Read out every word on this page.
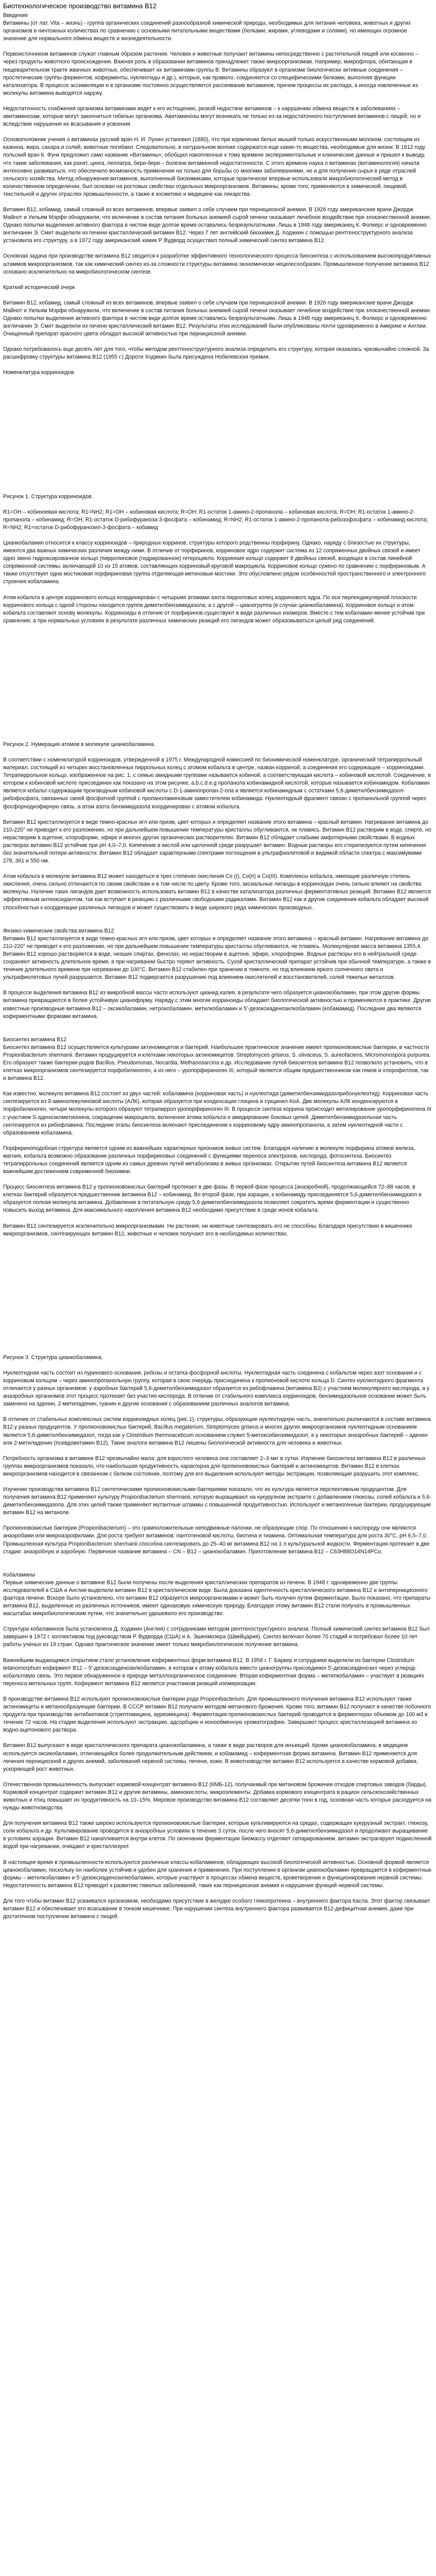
Биотехнологическое производство витамина B12

Введение

Витамины (от лат. Vita – жизнь) - группа органических соединений разнообразной химической природы, необходимых для питания человека, животных и других организмов в ничтожных количествах по сравнению с основными питательными веществами (белками, жирами, углеводами и солями), но имеющих огромное значение для нормального обмена веществ и жизнедеятельности.

Первоисточником витаминов служат главным образом растения. Человек и животные получают витамины непосредственно с растительной пищей или косвенно – через продукты животного происхождения. Важная роль в образовании витаминов принадлежит также микроорганизмам. Например, микрофлора, обитающая в пищеварительном тракте жвачных животных, обеспечивает их витаминами группы B. Витамины образуют в организме биологически активные соединения – простетические группы ферментов, коферменты, нуклеотиды и др.), которые, как правило, соединяются со специфическими белками, выполняя функции катализатора. В процессе ассимиляции и в организме постоянно осуществляется рассеивание витаминов, причем процессы их распада, а иногда извлеченные из молекулы витамина выводятся наружу.

Недостаточность снабжения организма витаминами ведет к его истощению, резкой недостаче витаминов – к нарушению обмена веществ в заболеваниях – авитаминозам, которые могут закончиться гибелью организма. Авитаминозы могут возникать не только из-за недостаточного поступления витаминов с пищей, но и вследствие нарушения их всасывания и усвоения.

Основоположник учения о витаминах русский врач Н. И. Лунин установил (1880), что при кормлении белых мышей только искусственными молоком, состоящим из казеина, жира, сахара и солей, животные погибают. Следовательно, в натуральном молоке содержатся еще какие-то вещества, необходимые для жизни. В 1912 году польский врач К. Функ предложил само название «Витамины», обобщил накопленные к тому времени экспериментальные и клинические данные и пришел к выводу, что такие заболевания, как рахит, цинга, пеллагра, бери-бери – болезни витаминной недостаточности. С этого времени наука о витаминах (витаминология) начала интенсивно развиваться, что обеспечило возможность применения на только для борьбы со многими заболеваниями, но и для получения сырья в ряде отраслей сельского хозяйства. Метод обнаружения витаминов, выполненный биохимиками, которые практически впервые использовали микробиологический метод в количественном определении, был основан на ростовых свойствах отдельных микроорганизмов. Витамины, кроме того, применяются в химической, пищевой, текстильной и других отраслях промышленности, а также в косметике и медицине как лекарства.

Витамин B12, кобамид, самый сложный из всех витаминов, впервые заявил о себе случаем при пернициозной анемии. В 1926 году американские врачи Джордж Майнот и Уильям Мэрфи обнаружили, что включение в состав питания больных анемией сырой печени оказывает лечебное воздействие при злокачественной анемии. Однако попытки выделения активного фактора в чистом виде долгое время оставались безрезультатными. Лишь в 1948 году американец К. Фолкерс и одновременно англичанин Э. Смит выделили из печени кристаллический витамин B12. Через 7 лет английский биохимик Д. Ходжкин с помощью рентгеноструктурного анализа установила его структуру, а в 1972 году американский химик Р. Вудворд осуществил полный химический синтез витамина B12.

Основная задача при производстве витамина B12 сводится к разработке эффективного технологического процесса биосинтеза с использованием высокопродуктивных штаммов микроорганизмов, так как химический синтез из-за сложности структуры витамина экономически нецелесообразен. Промышленное получение витамина B12 основано исключительно на микробиологическом синтезе.

Краткий исторический очерк

Витамин B12, кобамид, самый сложный из всех витаминов, впервые заявил о себе случаем при пернициозной анемии. В 1926 году американские врачи Джордж Майнот и Уильям Мэрфи обнаружили, что включение в состав питания больных анемией сырой печени оказывает лечебное воздействие при злокачественной анемии. Однако попытки выделения активного фактора в чистом виде долгое время оставались безрезультатными. Лишь в 1948 году американец К. Фолкерс и одновременно англичанин Э. Смит выделили из печени кристаллический витамин B12. Результаты этих исследований были опубликованы почти одновременно в Америке и Англии. Очищенный препарат красного цвета обладал высокой активностью при пернициозной анемии.

Однако потребовалось еще десять лет для того, чтобы методом рентгеноструктурного анализа определить его структуру, которая оказалась чрезвычайно сложной. За расшифровку структуры витамина B12 (1955 г.) Дороти Ходжкин была присуждена Нобелевская премия.

Номенклатура корриноидов

Рисунок 1. Структура корриноидов.

R1=OH – кобиноевая кислота; R1=NH2; R1=OH – кобиновая кислота; R=OH; R1-остаток 1-амино-2-пропанола – кобиновая кислота; R=OH; R1-остаток 1-амино-2-пропанола – кобинамид; R=OH; R1-остаток D-рибофураноза-3-фосфата – кобинамид; R=NH2; R1-остаток 1-амино-2-пропанола-рибозофосфата – кобинамид кислота; R=NH2; R1=остаток D-рибофуранозил-3-фосфата – кобамид

Цианкобаламин относится к классу корриноидов – природных корринов, структуры которого родственны порфирину. Однако, наряду с близостью их структуры, имеются два важных химических различия между ними. В отличие от порфиринов, корриновое ядро содержит система из 12 сопряженных двойных связей и имеет одно звено гидроксированное кольцо (пирролиновое (гидрированное) гетероцикло. Корриноия кольцо содержит 8 двойных связей, входящих в состав линейной сопряженной системы, включающей 10 из 15 атомов, составляющих корриновый круговой макроцикла. Корриновое кольцо сужено по сравнению с порфириновым. А также отсутствует одна мостиковая порфириновая группа отделяющая метиновые мостики. Это обусловлено рядом особенностей пространственного и электронного строения кобаламина.

Атом кобальта в центре корринового кольца координирован с четырьмя атомами азота пирроловых колец корринового ядра. По оси перпендикулярной плоскости корринового кольца с одной стороны находится группа диметилбензимидазола, а с другой – цианогруппа (в случае цианкобаламина). Корриновое кольцо и атом кобальта составляют основу молекулы. Корриноиды в отличие от порфиринов существуют в виде различных изомеров. Вместе с тем кобаламин менее устойчив при сравнении, а при нормальных условиях в результате различных химических реакций его лигандов может образовываться целый ряд соединений.

Рисунок 2. Нумерация атомов в молекуле цианкобаламина.

В соответствии с номенклатурой корриноидов, утвержденной в 1975 г. Международной комиссией по биохимической номенклатуре, органический тетрапиррольный материал, состоящий из четырех восстановленных пиррольных колец с атомом кобальта в центре, назван корриной, а соединения его содержащие – корриноидами. Тетрапиррольное кольцо, изображенное на рис. 1, с семью амидными группами называется кобиной, а соответствующая кислота – кобиновой кислотой. Соединение, в котором к кобиновой кислоте присоединен как показано на этом рисунке, а.b.c.d.e.g пропанола кобинамидной кислотой, которые называется кобинамидом. Кобаламин является кобальт-содержащим производным кобиновой кислоты с D-1-аминопропан-2-ола и является кобинамидным с остатками 5,6-диметилбензимидазол-рибофосфата, связанных своей фосфатной группой с пропаноламиновым заместителем кобинамида. Нуклеотидный фрагмент связан с пропанольной группой через фосфорнодиэфирную связь, а атом азота бензимидазола координирован с атомом кобальта.

Витамин B12 кристаллизуется в виде темно-красных игл или призм, цвет которых и определяет название этого витамина – красный витамин. Нагревание витамина до 210-220° не приводит к его разложению, но при дальнейшем повышении температуры кристаллы обугливаются, не плавясь. Витамин B12 растворим в воде, спирте, но нерастворим в ацетоне, хлороформе, эфире и многих других органических растворителях. Витамин B12 обладает слабыми амфотерными свойствами. В водных растворах витамин B12 устойчив при pH 4,0–7,0. Кипячение в кислой или щелочной среде разрушает витамин. Водные растворы его стерилизуются путем кипячения без значительной потери активности. Витамин B12 обладает характерными спектрами поглощения в ультрафиолетовой и видимой области спектра с максимумами 278, 361 и 550 нм.

Атом кобальта в молекуле витамина В12 может находиться в трех степенях окисления Co (I), Co(II) и Co(III). Комплексы кобальта, имеющие различную степень окисления, очень сильно отличаются по своим свойствам и в том числе по цвету. Кроме того, аксиальные лиганды в корриноидах очень сильно влияют на свойства молекулы. Наличие таких лигандов дает возможность использовать витамин B12 в качестве катализатора различных ферментативных реакций. Витамин B12 является эффективным антиоксидантом, так как вступает в реакцию с различными свободными радикалами. Витамин B12 как и другие соединения кобальта обладает высокой способностью к координации различных лигандов и может существовать в виде широкого ряда химических производных.

Физико-химические свойства витамина B12

Витамин B12 кристаллизуется в виде темно-красных игл или призм, цвет которых и определяет название этого витамина – красный витамин. Нагревание витамина до 210-220° не приводит к его разложению, но при дальнейшем повышении температуры кристаллы обугливаются, не плавясь. Молекулярная масса витамина 1355,4. Витамин B12 хорошо растворяется в воде, низших спиртах, фенолах, но нерастворим в ацетоне, эфире, хлороформе. Водные растворы его в нейтральной среде сохраняют активность длительное время, а при нагревании быстро теряют активность. Сухой кристаллический препарат устойчив при обычной температуре, а также в течение длительного времени при нагревании до 100°С. Витамин B12 стабилен при хранении в темноте, но под влиянием яркого солнечного света и ультрафиолетовых лучей разрушается. Витамин B12 подвергается разрушению под влиянием окислителей и восстановителей, солей тяжелых металлов.

В процессе выделения витамина B12 из микробной массы часто используют цианид калия, в результате чего образуется цианокобаламин, при этом другие формы витамина превращаются в более устойчивую цианоформу. Наряду с этим многие корриноиды обладают биологической активностью и применяются в практике. Другие известные производные витамина B12 – оксикобаламин, нитрокобаламин, метилкобаламин и 5'-дезоксиаденозилкобаламин (кобамамид). Последние два являются коферментными формами витамина.

Биосинтез витамина B12

Биосинтез витамина B12 осуществляется культурами актиномицетов и бактерий. Наибольшее практическое значение имеют пропионовокислые бактерии, в частности Propionibacterium shermanii. Витамин продуцируется и клетками некоторых актиномицетов: Streptomyces griseus, S. olivaceus, S. aureofaciens, Micromonospora purpurea. Его образуют также бактерии родов Bacillus, Pseudomonas, Nocardia, Methanosarcina и др. Исследование путей биосинтеза витамина B12 позволило установить, что в клетках микроорганизмов синтезируется порфобилиноген, а из него – уропорфириноген III, который является общим предшественником как гемов и хлорофиллов, так и витамина B12.

Как известно, молекула витамина B12 состоит из двух частей: кобаламина (корриновая часть) и нуклеотида (диметилбензимидазолрибонуклеотид). Корриновая часть синтезируется из δ-аминолевулиновой кислоты (АЛК), которая образуется при конденсации глицина и сукцинил-КоА. Две молекулы АЛК конденсируются в порфобилиноген, четыре молекулы которого образуют тетрапиррол уропорфириноген III. В процессе синтеза коррина происходит метилирование уропорфириногена III с участием S-аденозилметионина, сокращение макроцикла, включение атома кобальта и амидирование боковых цепей. Диметилбензимидазольная часть синтезируется из рибофлавина. Последние этапы биосинтеза включают присоединение к корриновому ядру аминопропанола, а затем нуклеотидной части с образованием кобаламина.

Порфириноподобная структура является одним из важнейших характерных признаков живых систем. Благодаря наличию в молекуле порфирина атомов железа, магния, кобальта возможно образование различных порфириновых соединений с функциями переноса электронов, кислорода, фотосинтеза. Биосинтез тетрапиррольных соединений является одним из самых древних путей метаболизма в живых организмах. Открытие путей биосинтеза витамина B12 является важнейшим достижением современной биохимии.

Процесс биосинтеза витамина B12 у пропионовокислых бактерий протекает в две фазы. В первой фазе процесса (анаэробной), продолжающейся 72–88 часов, в клетках бактерий образуется предшественник витамина B12 – кобинамид. Во второй фазе, при аэрации, к кобинамиду присоединяется 5,6-диметилбензимидазол и образуется полная молекула витамина. Добавление в питательную среду 5,6-диметилбензимидазола позволяет сократить время ферментации и существенно повысить выход витамина. Для максимального накопления витамина B12 необходимо присутствие в среде ионов кобальта.

Витамин B12 синтезируется исключительно микроорганизмами. Ни растения, ни животные синтезировать его не способны. Благодаря присутствию в кишечнике микроорганизмов, синтезирующих витамин B12, животные и человек получают его в необходимых количествах.

Рисунок 3. Структура цианкобаламина.

Нуклеотидная часть состоит из пуринового основания, рибозы и остатка фосфорной кислоты. Нуклеотидная часть соединена с кобальтом через азот основания и с корриновым кольцом – через аминопропанольную группу, которая в свою очередь присоединена к пропионовой кислоте кольца D. Синтез нуклеотидного фрагмента отличается у разных организмов: у аэробных бактерий 5,6-диметилбензимидазол образуется из рибофлавина (витамина B2) с участием молекулярного кислорода, а у анаэробных организмов этот процесс протекает без участия кислорода. В отличие от стабильного комплекса корриноидов, бензимидазольное основание может быть заменено на аденин, 2-метиладенин, гуанин и другие основания с образованием различных аналогов витамина.

В отличие от стабильных комплексных систем корриноидных колец (рис.1), структуры, образующие нуклеотидную часть, значительно различаются в составе витамина B12 у разных продуцентов. У пропионовокислых бактерий, Bacillus megaterium, Streptomyces griseus и многих других микроорганизмов нуклеотидным основанием является 5,6-диметилбензимидазол, тогда как у Clostridium thermoaceticum основанием служит 5-метоксибензимидазол, а у некоторых анаэробных бактерий – аденин или 2-метиладенин (псевдовитамин B12). Такие аналоги витамина B12 лишены биологической активности для человека и животных.

Потребность организма в витамине B12 чрезвычайно мала: для взрослого человека она составляет 2–3 мкг в сутки. Изучение биосинтеза витамина B12 в различных группах микроорганизмов показало, что наибольшая продуктивность характерна для пропионовокислых бактерий и актиномицетов. Витамин B12 в клетках микроорганизмов находится в связанном с белком состоянии, поэтому для его выделения используют методы экстракции, позволяющие разрушить этот комплекс.

Изучение производства витамина B12 синтетическими пропионовокислыми бактериями показало, что их культура является перспективным продуцентом. Для получения витамина B12 применяют культуру Propionibacterium shermanii, которую выращивают на кукурузном экстракте с добавлением глюкозы, солей кобальта и 5,6-диметилбензимидазола. Для этих целей также применяют мутантные штаммы с повышенной продуктивностью. Используют и метаногенные бактерии, продуцирующие витамин B12 на метаноле.

Пропионовокислые бактерии (Propionibacterium) – это грамположительные неподвижные палочки, не образующие спор. По отношению к кислороду они являются анаэробами или микроаэрофилами. Для роста требуют витаминов: пантотеновой кислоты, биотина и тиамина. Оптимальная температура для роста 30°С, рН 6,5–7,0. Промышленная культура Propionibacterium shermanii способна синтезировать до 25–40 мг витамина B12 на 1 л культуральной жидкости. Ферментация протекает в две стадии: анаэробную и аэробную. Первичное название витамина – CN – B12 – цианокобаламин. Приготовление витамина B12 – C63H88O14N14PCo.

Кобаламины

Первые химические данные о витамине B12 были получены после выделения кристаллических препаратов из печени. В 1948 г. одновременно две группы исследователей в США и Англии выделили витамин B12 в кристаллическом виде. Была доказана идентичность кристаллического витамина B12 и антипернициозного фактора печени. Вскоре было установлено, что витамин B12 образуется микроорганизмами и может быть получен путем ферментации. Было показано, что препараты витамина B12, выделенные из различных источников, имеют одинаковую химическую природу. Благодаря этому витамин B12 стали получать в промышленных масштабах микробиологическим путем, что значительно удешевило его производство.

Структура кобаламинов была установлена Д. Ходжкин (Англия) с сотрудниками методом рентгеноструктурного анализа. Полный химический синтез витамина B12 был завершен в 1972 г. коллективом под руководством Р. Вудворда (США) и А. Эшенмозера (Швейцария). Синтез включал более 70 стадий и потребовал более 10 лет работы ученых из 19 стран. Однако практическое значение имеет только микробиологическое получение витамина.

Важнейшим выдающимся открытием стало установление коферментных форм витамина B12. В 1958 г. Г. Баркер и сотрудники выделили из бактерии Clostridium tetanomorphum кофермент B12 – 5'-дезоксиаденозилкобаламин, в котором к атому кобальта вместо цианогруппы присоединен 5'-дезоксиаденозил через углерод-кобальтовую связь. Это первое обнаруженное в природе металлоорганическое соединение. Вторая коферментная форма – метилкобаламин – участвует в реакциях переноса метильных групп. Кофермент витамина B12 является участником реакций изомеризации.

В производстве витамина B12 используют пропионовокислые бактерии рода Propionibacterium. Для промышленного получения витамина B12 используют также актиномицеты и метанообразующие бактерии. В СССР витамин B12 получали методом метанового брожения. Кроме того, витамин B12 получают в качестве побочного продукта при производстве антибиотиков (стрептомицина, ауреомицина). Ферментация пропионовокислых бактерий проводится в ферментерах объемом до 100 м3 в течение 72 часов. На стадии выделения используют экстракцию, адсорбцию и ионообменную хроматографию. Завершают процесс кристаллизацией витамина из водно-ацетонового раствора.

Витамин B12 выпускают в виде кристаллического препарата цианокобаламина, а также в виде растворов для инъекций. Кроме цианокобаламина, в медицине используется оксикобаламин, отличающийся более продолжительным действием, и кобамамид – коферментная форма витамина. Витамин B12 применяется для лечения пернициозной и других анемий, заболеваний нервной системы, печени, кожи. В животноводстве витамин B12 используется в качестве кормовой добавки, ускоряющей рост животных.

Отечественная промышленность выпускает кормовой концентрат витамина B12 (КМБ-12), получаемый при метановом брожении отходов спиртовых заводов (барды). Кормовой концентрат содержит витамин B12 и другие витамины, аминокислоты, микроэлементы. Добавка кормового концентрата в рацион сельскохозяйственных животных и птиц повышает их продуктивность на 10–15%. Мировое производство витамина B12 составляет десятки тонн в год, основная часть которых расходуется на нужды животноводства.

Для получения витамина B12 также широко используются пропионовокислые бактерии, которые культивируются на средах, содержащих кукурузный экстракт, глюкозу, соли кобальта и др. Культивирование проводится в анаэробных условиях в течение 3 суток, после чего вносят 5,6-диметилбензимидазол и продолжают выращивание в условиях аэрации. Витамин B12 накапливается внутри клеток. По окончании ферментации биомассу отделяют сепарированием, витамин экстрагируют подкисленной водой при нагревании, очищают и кристаллизуют.

В настоящее время в промышленности используются различные классы кобаламинов, обладающих высокой биологической активностью. Основной формой является цианокобаламин, поскольку он наиболее устойчив и удобен для хранения и применения. При поступлении в организм цианокобаламин превращается в коферментные формы – метилкобаламин и 5'-дезоксиаденозилкобаламин, которые участвуют в процессах обмена веществ, кроветворения и функционирования нервной системы. Недостаточность витамина B12 приводит к развитию тяжелых заболеваний, таких как пернициозная анемия и нарушения функций нервной системы.

Для того чтобы витамин B12 усваивался организмом, необходимо присутствие в желудке особого гликопротеина – внутреннего фактора Касла. Этот фактор связывает витамин B12 и обеспечивает его всасывание в тонком кишечнике. При нарушении синтеза внутреннего фактора развивается B12-дефицитная анемия, даже при достаточном поступлении витамина с пищей.
